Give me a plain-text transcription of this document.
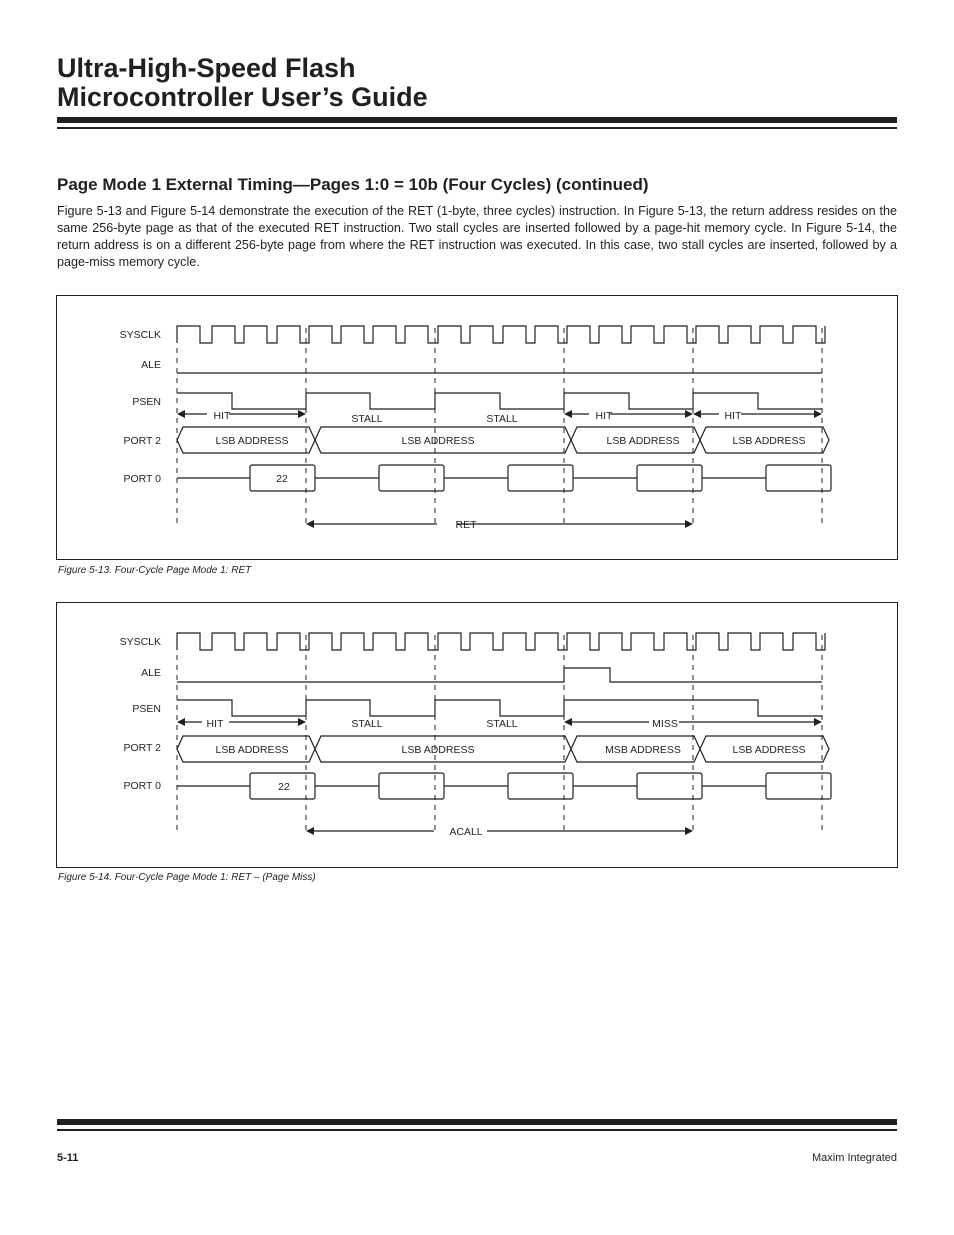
Ultra-High-Speed Flash
Microcontroller User’s Guide
Page Mode 1 External Timing—Pages 1:0 = 10b (Four Cycles) (continued)

Figure 5-13 and Figure 5-14 demonstrate the execution of the RET (1-byte, three cycles) instruction. In Figure 5-13, the return address resides on the same 256-byte page as that of the executed RET instruction. Two stall cycles are inserted followed by a page-hit memory cycle. In Figure 5-14, the return address is on a different 256-byte page from where the RET instruction was executed. In this case, two stall cycles are inserted, followed by a page-miss memory cycle.

SYSCLK
ALE
PSEN
PORT 2
PORT 0
HIT	STALL	STALL	HIT	HIT
LSB ADDRESS	LSB ADDRESS	LSB ADDRESS	LSB ADDRESS
22
RET

Figure 5-13. Four-Cycle Page Mode 1: RET

SYSCLK
ALE
PSEN
PORT 2
PORT 0
HIT	STALL	STALL	MISS
LSB ADDRESS	LSB ADDRESS	MSB ADDRESS	LSB ADDRESS
22
ACALL

Figure 5-14. Four-Cycle Page Mode 1: RET – (Page Miss)

5-11	Maxim Integrated
